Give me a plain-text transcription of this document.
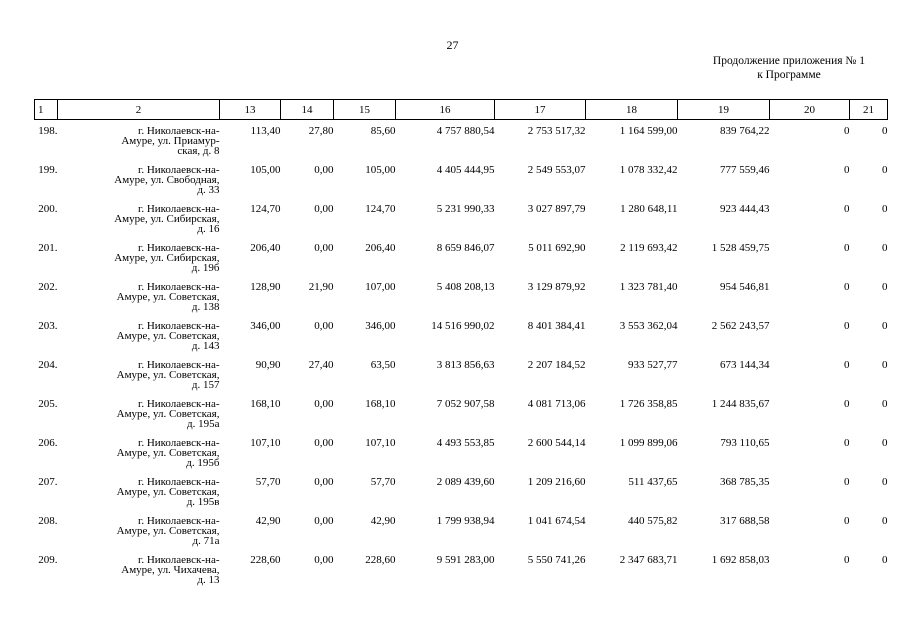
27
Продолжение приложения № 1
к Программе
1	2	13	14	15	16	17	18	19	20	21

198.	г. Николаевск-на-
Амуре, ул. Приамур-
ская, д. 8	113,40	27,80	85,60	4 757 880,54	2 753 517,32	1 164 599,00	839 764,22	0	0
199.	г. Николаевск-на-
Амуре, ул. Свободная,
д. 33	105,00	0,00	105,00	4 405 444,95	2 549 553,07	1 078 332,42	777 559,46	0	0
200.	г. Николаевск-на-
Амуре, ул. Сибирская,
д. 16	124,70	0,00	124,70	5 231 990,33	3 027 897,79	1 280 648,11	923 444,43	0	0
201.	г. Николаевск-на-
Амуре, ул. Сибирская,
д. 19б	206,40	0,00	206,40	8 659 846,07	5 011 692,90	2 119 693,42	1 528 459,75	0	0
202.	г. Николаевск-на-
Амуре, ул. Советская,
д. 138	128,90	21,90	107,00	5 408 208,13	3 129 879,92	1 323 781,40	954 546,81	0	0
203.	г. Николаевск-на-
Амуре, ул. Советская,
д. 143	346,00	0,00	346,00	14 516 990,02	8 401 384,41	3 553 362,04	2 562 243,57	0	0
204.	г. Николаевск-на-
Амуре, ул. Советская,
д. 157	90,90	27,40	63,50	3 813 856,63	2 207 184,52	933 527,77	673 144,34	0	0
205.	г. Николаевск-на-
Амуре, ул. Советская,
д. 195а	168,10	0,00	168,10	7 052 907,58	4 081 713,06	1 726 358,85	1 244 835,67	0	0
206.	г. Николаевск-на-
Амуре, ул. Советская,
д. 195б	107,10	0,00	107,10	4 493 553,85	2 600 544,14	1 099 899,06	793 110,65	0	0
207.	г. Николаевск-на-
Амуре, ул. Советская,
д. 195в	57,70	0,00	57,70	2 089 439,60	1 209 216,60	511 437,65	368 785,35	0	0
208.	г. Николаевск-на-
Амуре, ул. Советская,
д. 71а	42,90	0,00	42,90	1 799 938,94	1 041 674,54	440 575,82	317 688,58	0	0
209.	г. Николаевск-на-
Амуре, ул. Чихачева,
д. 13	228,60	0,00	228,60	9 591 283,00	5 550 741,26	2 347 683,71	1 692 858,03	0	0
